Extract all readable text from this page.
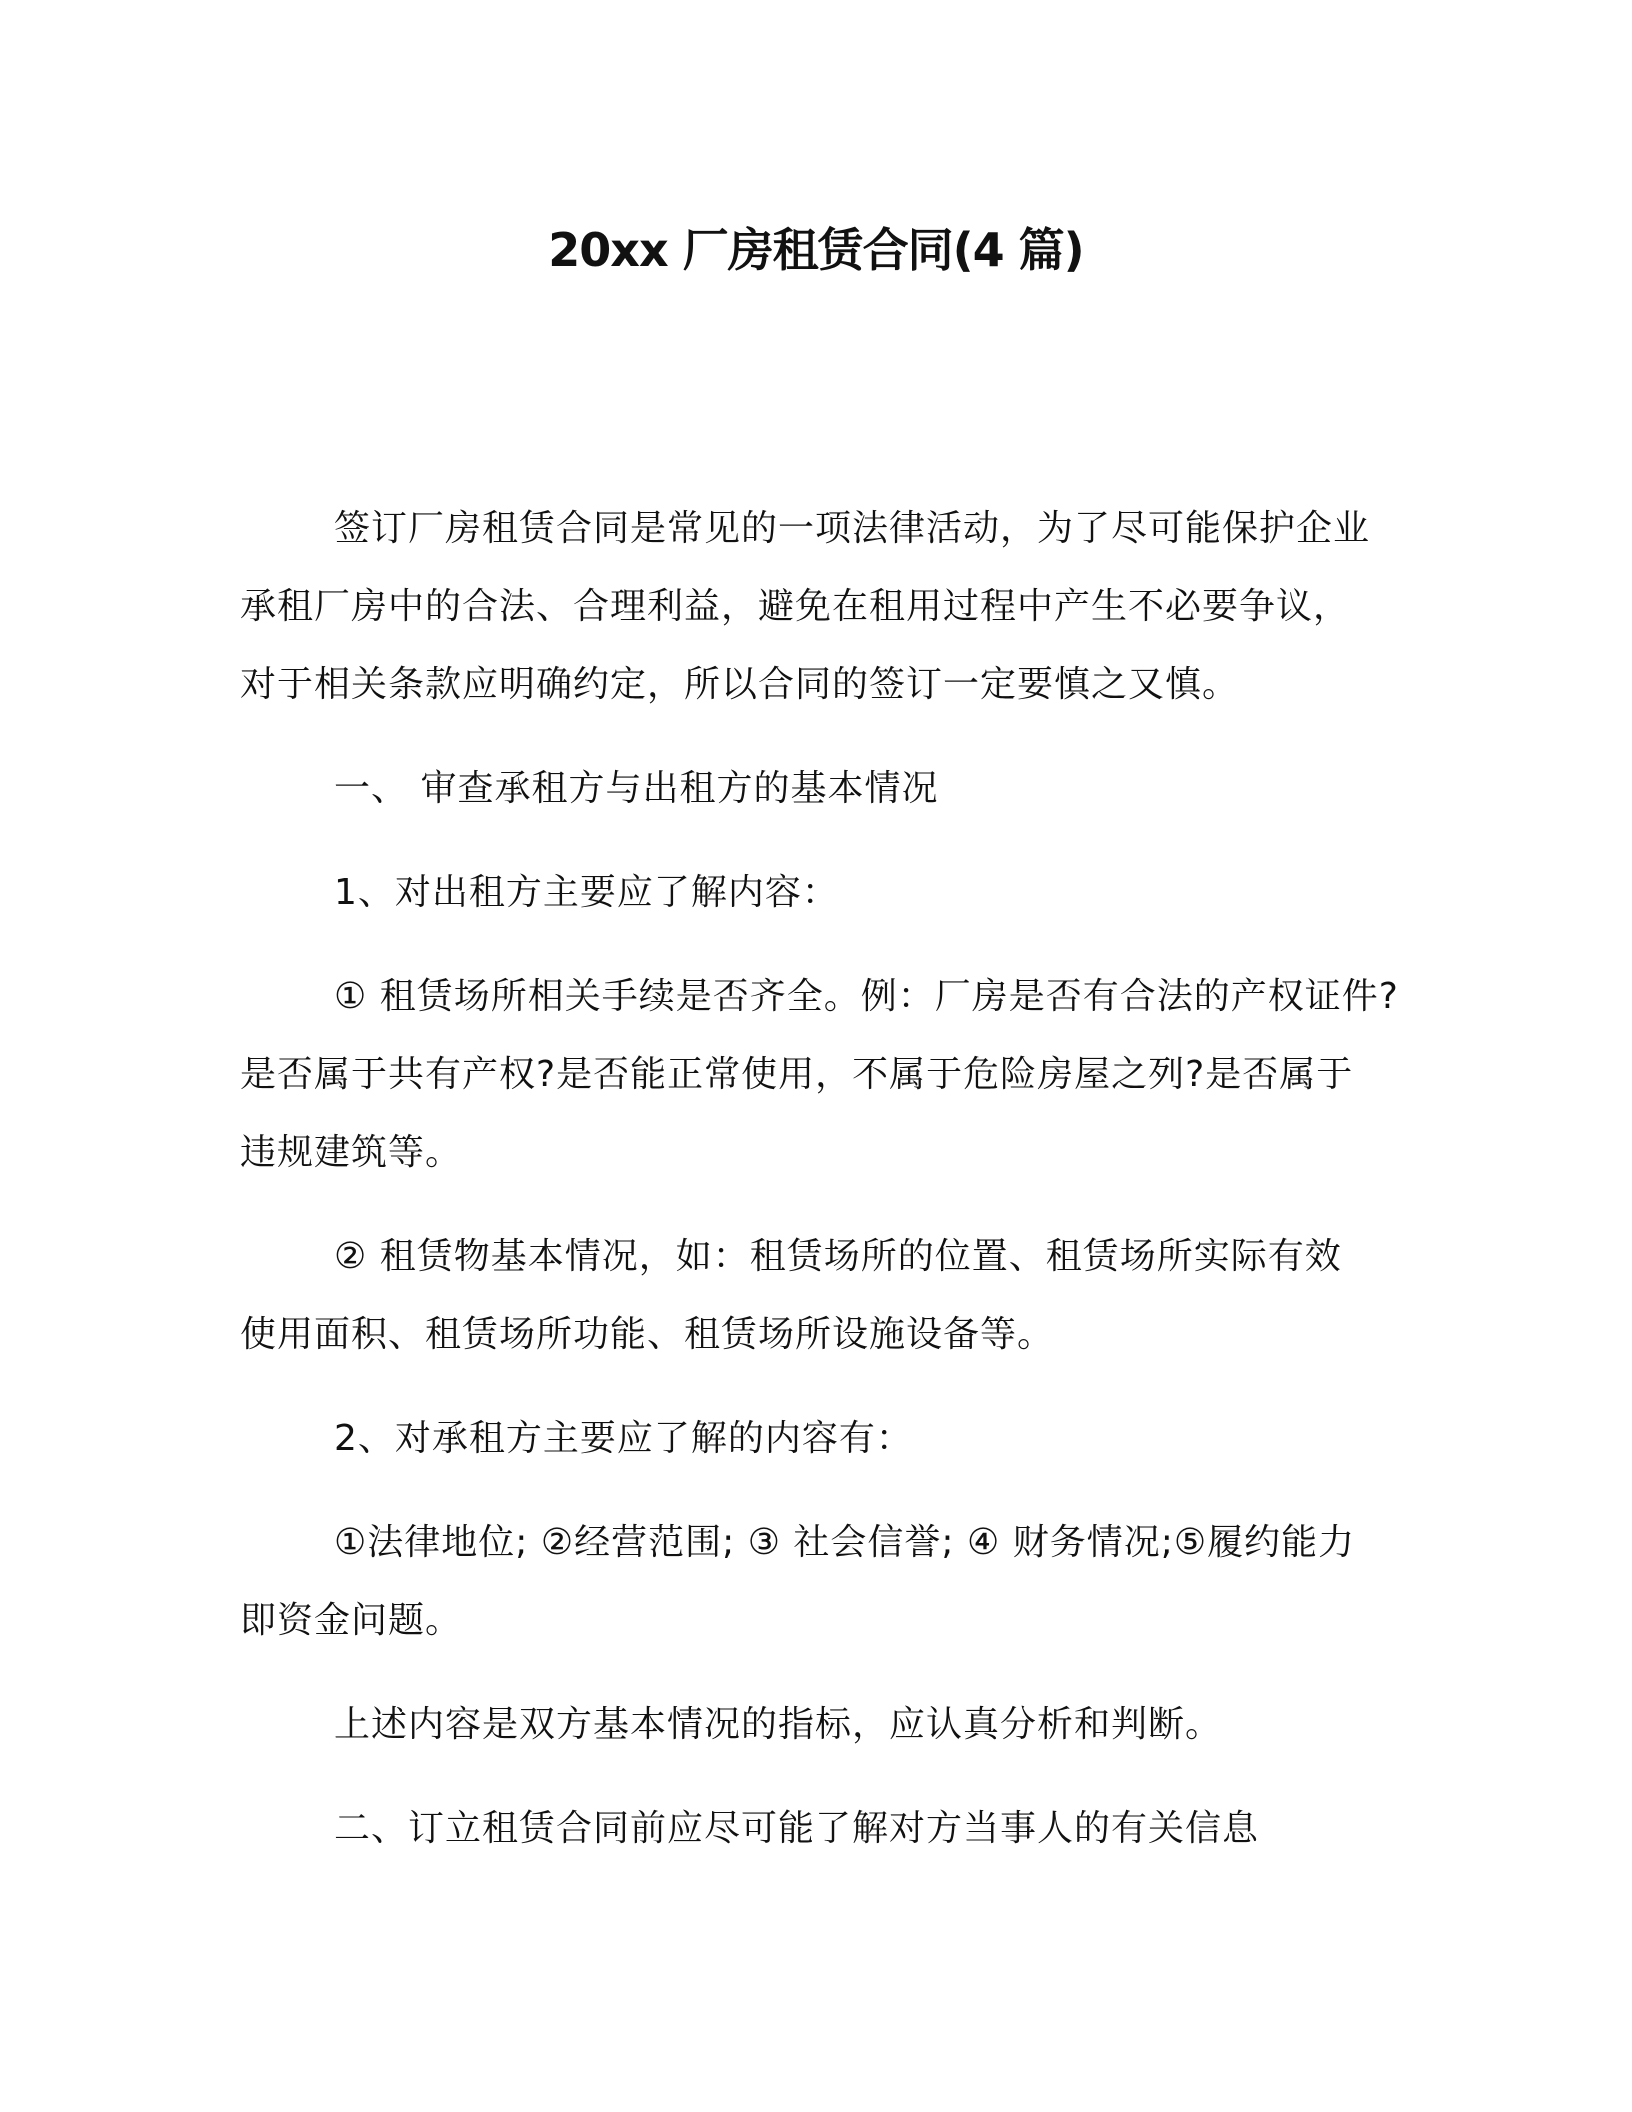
20xx 厂房租赁合同(4 篇)
签订厂房租赁合同是常见的一项法律活动，为了尽可能保护企业
承租厂房中的合法、合理利益，避免在租用过程中产生不必要争议，
对于相关条款应明确约定，所以合同的签订一定要慎之又慎。
一、 审查承租方与出租方的基本情况
1、对出租方主要应了解内容：
① 租赁场所相关手续是否齐全。例：厂房是否有合法的产权证件?
是否属于共有产权?是否能正常使用，不属于危险房屋之列?是否属于
违规建筑等。
② 租赁物基本情况，如：租赁场所的位置、租赁场所实际有效
使用面积、租赁场所功能、租赁场所设施设备等。
2、对承租方主要应了解的内容有：
①法律地位; ②经营范围; ③ 社会信誉; ④ 财务情况;⑤履约能力
即资金问题。
上述内容是双方基本情况的指标，应认真分析和判断。
二、订立租赁合同前应尽可能了解对方当事人的有关信息
